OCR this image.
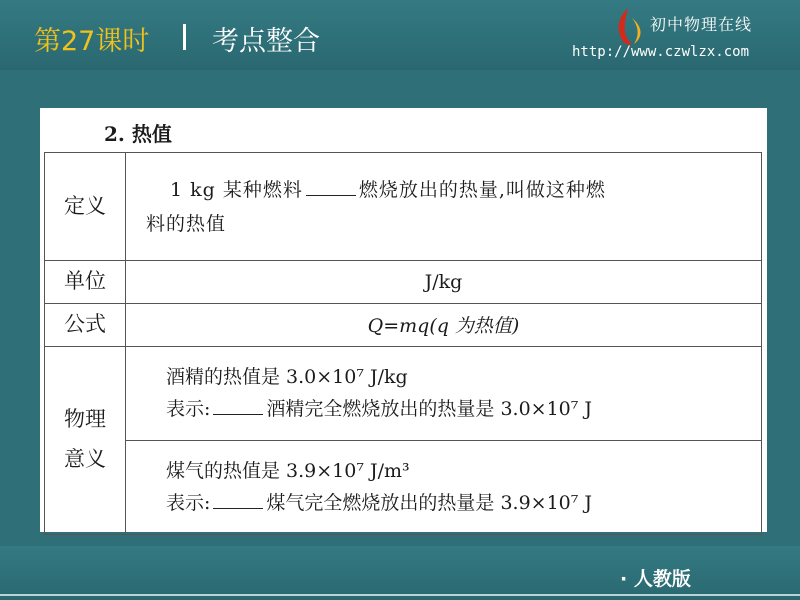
第27课时 考点整合
初中物理在线
http://www.czwlzx.com
2. 热值
定义	1 kg 某种燃料 燃烧放出的热量,叫做这种燃
料的热值
单位	J/kg
公式	Q=mq(q 为热值)
物理
意义	酒精的热值是 3.0×10⁷ J/kg
表示: 酒精完全燃烧放出的热量是 3.0×10⁷ J
	煤气的热值是 3.9×10⁷ J/m³
表示: 煤气完全燃烧放出的热量是 3.9×10⁷ J
· 人教版
